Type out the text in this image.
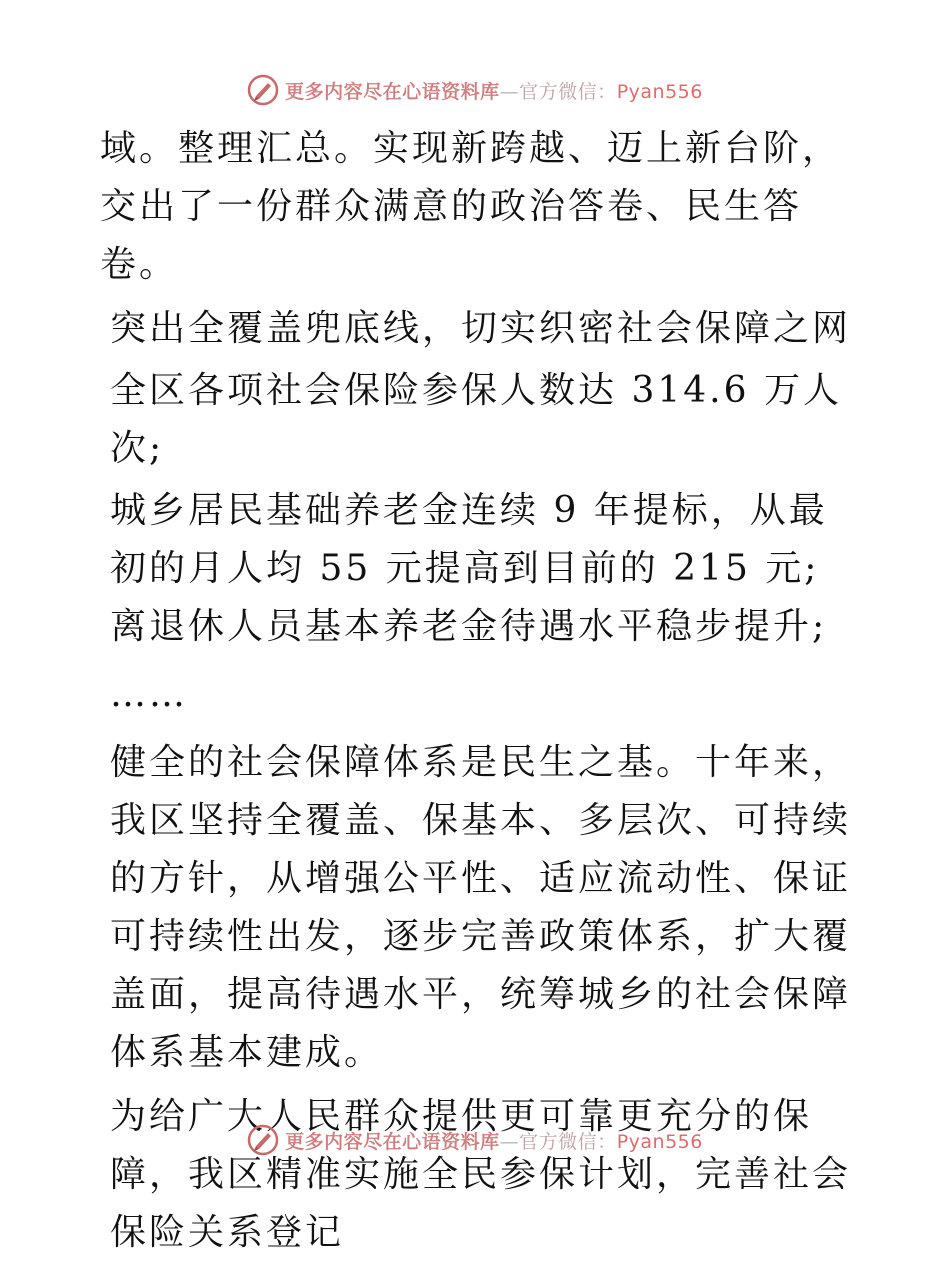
更多内容尽在心语资料库—官方微信：Pyan556

域。整理汇总。实现新跨越、迈上新台阶，交出了一份群众满意的政治答卷、民生答卷。

突出全覆盖兜底线，切实织密社会保障之网

全区各项社会保险参保人数达 314.6 万人次;

城乡居民基础养老金连续 9 年提标，从最初的月人均 55 元提高到目前的 215 元; 离退休人员基本养老金待遇水平稳步提升;

……

健全的社会保障体系是民生之基。十年来，我区坚持全覆盖、保基本、多层次、可持续的方针，从增强公平性、适应流动性、保证可持续性出发，逐步完善政策体系，扩大覆盖面，提高待遇水平，统筹城乡的社会保障体系基本建成。

为给广大人民群众提供更可靠更充分的保障，我区精准实施全民参保计划，完善社会保险关系登记

更多内容尽在心语资料库—官方微信：Pyan556
